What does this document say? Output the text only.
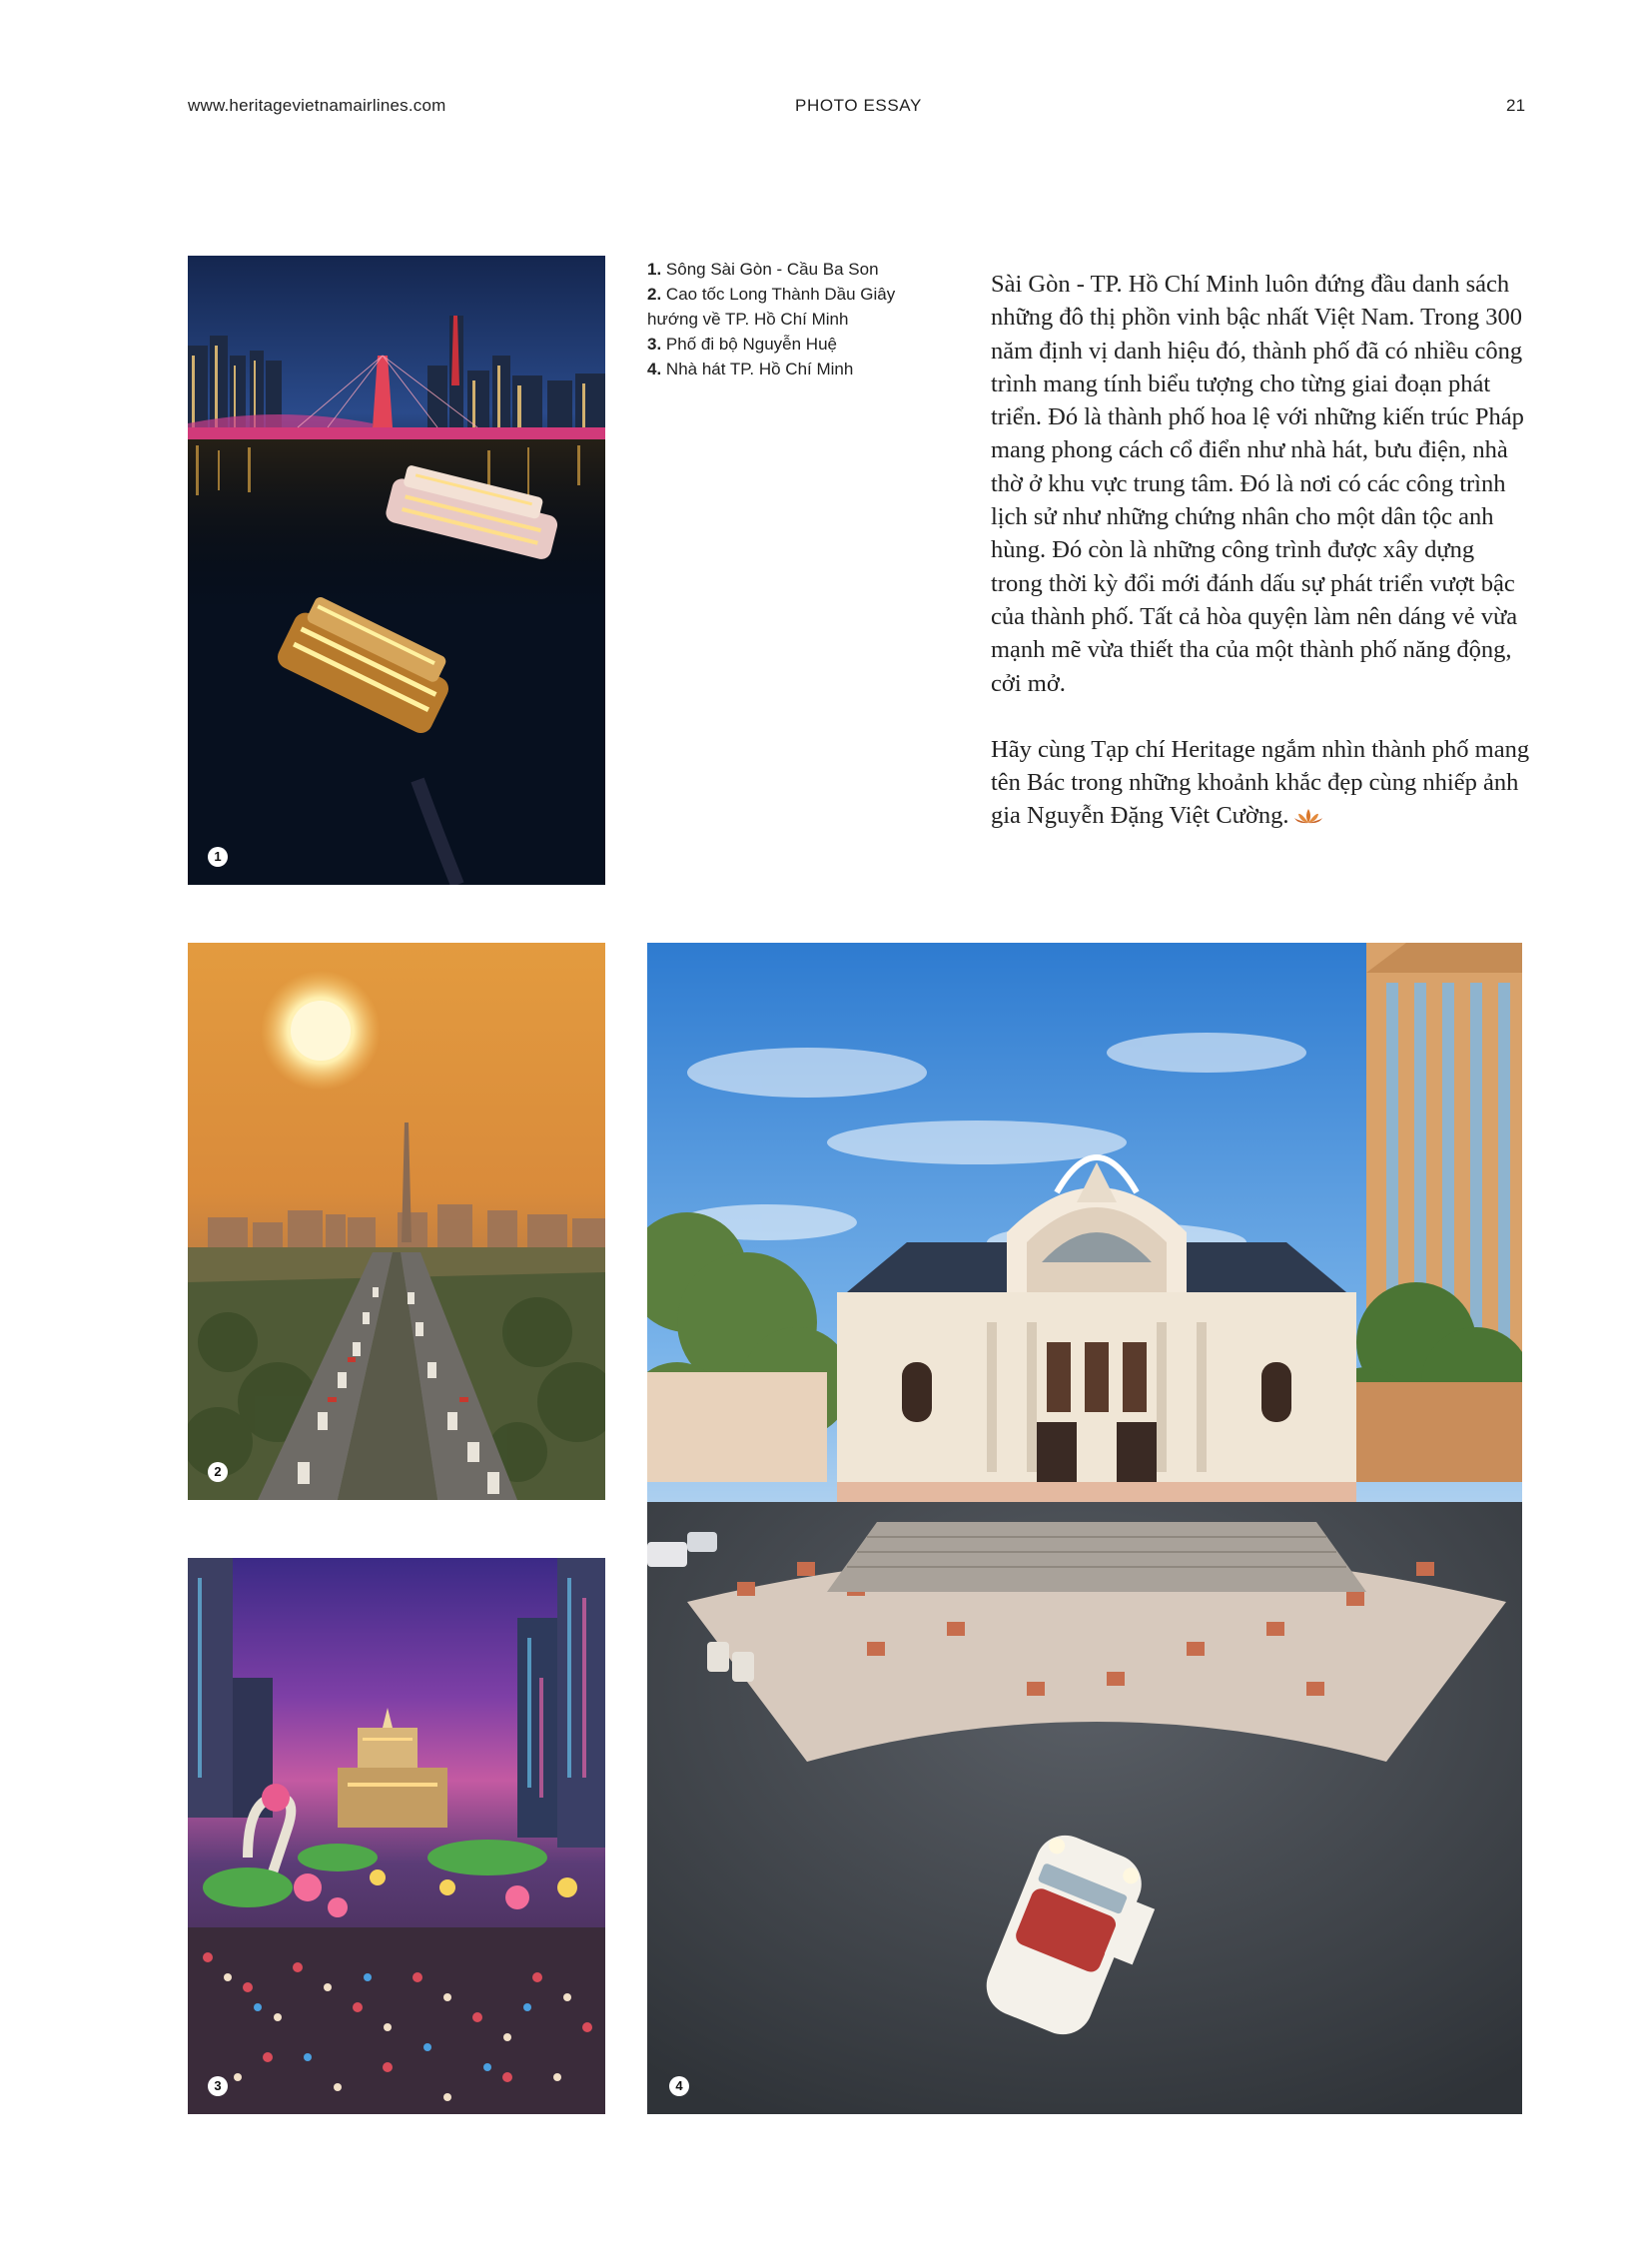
www.heritagevietnamairlines.com	PHOTO ESSAY	21
1
1. Sông Sài Gòn - Cầu Ba Son
2. Cao tốc Long Thành Dầu Giây hướng về TP. Hồ Chí Minh
3. Phố đi bộ Nguyễn Huệ
4. Nhà hát TP. Hồ Chí Minh

Sài Gòn - TP. Hồ Chí Minh luôn đứng đầu danh sách những đô thị phồn vinh bậc nhất Việt Nam. Trong 300 năm định vị danh hiệu đó, thành phố đã có nhiều công trình mang tính biểu tượng cho từng giai đoạn phát triển. Đó là thành phố hoa lệ với những kiến trúc Pháp mang phong cách cổ điển như nhà hát, bưu điện, nhà thờ ở khu vực trung tâm. Đó là nơi có các công trình lịch sử như những chứng nhân cho một dân tộc anh hùng. Đó còn là những công trình được xây dựng trong thời kỳ đổi mới đánh dấu sự phát triển vượt bậc của thành phố. Tất cả hòa quyện làm nên dáng vẻ vừa mạnh mẽ vừa thiết tha của một thành phố năng động, cởi mở.

Hãy cùng Tạp chí Heritage ngắm nhìn thành phố mang tên Bác trong những khoảnh khắc đẹp cùng nhiếp ảnh gia Nguyễn Đặng Việt Cường.

2
3	4
